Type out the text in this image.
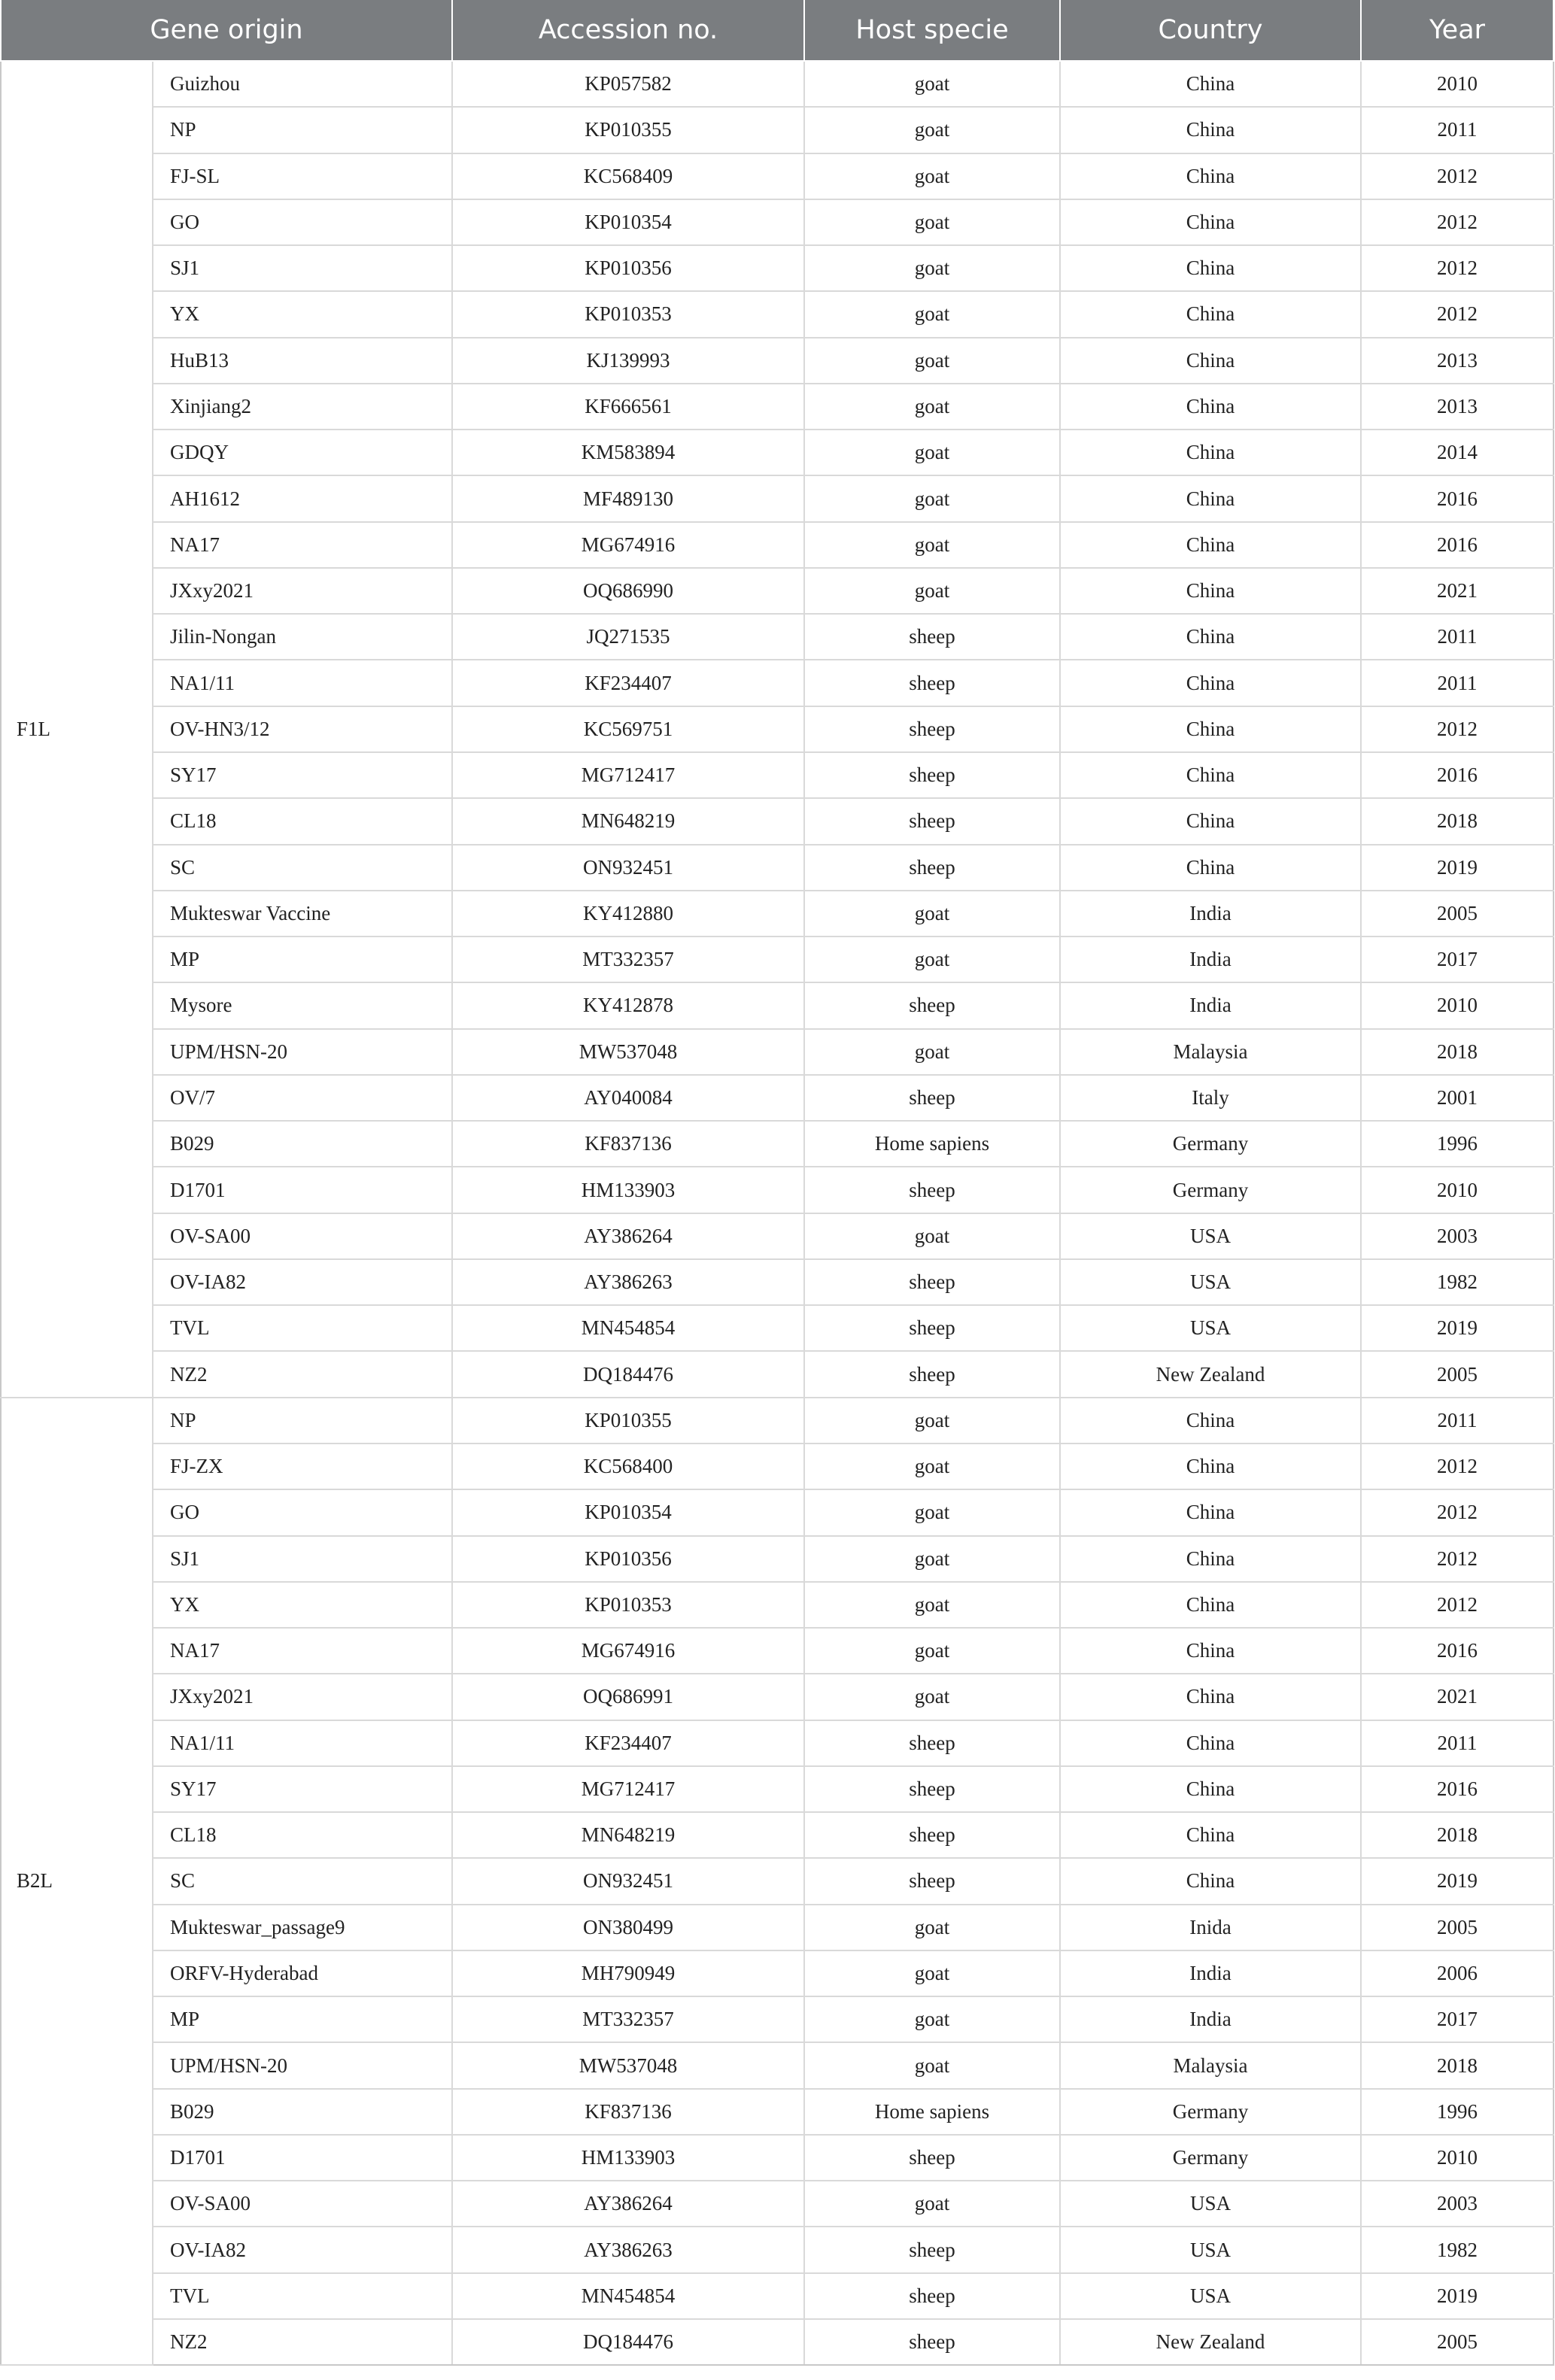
Gene origin		Accession no.	Host specie	Country	Year
F1L	Guizhou	KP057582	goat	China	2010
	NP	KP010355	goat	China	2011
	FJ-SL	KC568409	goat	China	2012
	GO	KP010354	goat	China	2012
	SJ1	KP010356	goat	China	2012
	YX	KP010353	goat	China	2012
	HuB13	KJ139993	goat	China	2013
	Xinjiang2	KF666561	goat	China	2013
	GDQY	KM583894	goat	China	2014
	AH1612	MF489130	goat	China	2016
	NA17	MG674916	goat	China	2016
	JXxy2021	OQ686990	goat	China	2021
	Jilin-Nongan	JQ271535	sheep	China	2011
	NA1/11	KF234407	sheep	China	2011
	OV-HN3/12	KC569751	sheep	China	2012
	SY17	MG712417	sheep	China	2016
	CL18	MN648219	sheep	China	2018
	SC	ON932451	sheep	China	2019
	Mukteswar Vaccine	KY412880	goat	India	2005
	MP	MT332357	goat	India	2017
	Mysore	KY412878	sheep	India	2010
	UPM/HSN-20	MW537048	goat	Malaysia	2018
	OV/7	AY040084	sheep	Italy	2001
	B029	KF837136	Home sapiens	Germany	1996
	D1701	HM133903	sheep	Germany	2010
	OV-SA00	AY386264	goat	USA	2003
	OV-IA82	AY386263	sheep	USA	1982
	TVL	MN454854	sheep	USA	2019
	NZ2	DQ184476	sheep	New Zealand	2005
B2L	NP	KP010355	goat	China	2011
	FJ-ZX	KC568400	goat	China	2012
	GO	KP010354	goat	China	2012
	SJ1	KP010356	goat	China	2012
	YX	KP010353	goat	China	2012
	NA17	MG674916	goat	China	2016
	JXxy2021	OQ686991	goat	China	2021
	NA1/11	KF234407	sheep	China	2011
	SY17	MG712417	sheep	China	2016
	CL18	MN648219	sheep	China	2018
	SC	ON932451	sheep	China	2019
	Mukteswar_passage9	ON380499	goat	Inida	2005
	ORFV-Hyderabad	MH790949	goat	India	2006
	MP	MT332357	goat	India	2017
	UPM/HSN-20	MW537048	goat	Malaysia	2018
	B029	KF837136	Home sapiens	Germany	1996
	D1701	HM133903	sheep	Germany	2010
	OV-SA00	AY386264	goat	USA	2003
	OV-IA82	AY386263	sheep	USA	1982
	TVL	MN454854	sheep	USA	2019
	NZ2	DQ184476	sheep	New Zealand	2005
